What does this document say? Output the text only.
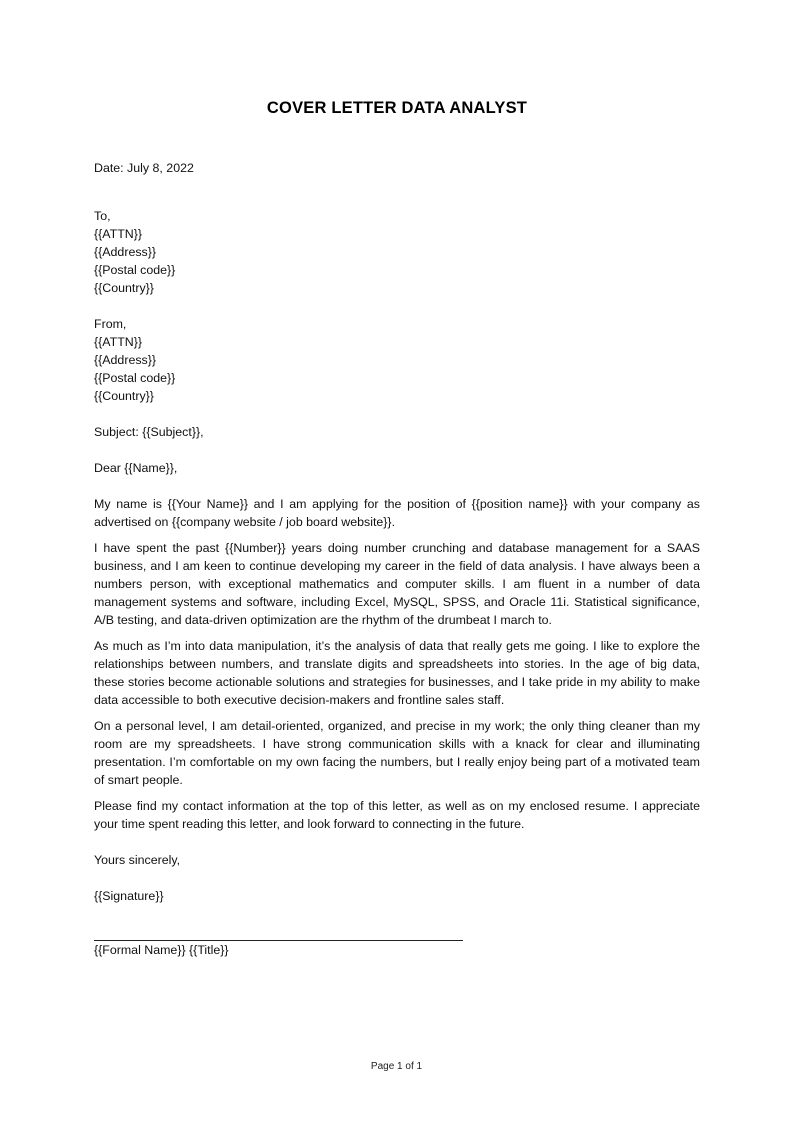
COVER LETTER DATA ANALYST
Date: July 8, 2022
To,
{{ATTN}}
{{Address}}
{{Postal code}}
{{Country}}
From,
{{ATTN}}
{{Address}}
{{Postal code}}
{{Country}}
Subject: {{Subject}},
Dear {{Name}},

My name is {{Your Name}} and I am applying for the position of {{position name}} with your company as advertised on {{company website / job board website}}.

I have spent the past {{Number}} years doing number crunching and database management for a SAAS business, and I am keen to continue developing my career in the field of data analysis. I have always been a numbers person, with exceptional mathematics and computer skills. I am fluent in a number of data management systems and software, including Excel, MySQL, SPSS, and Oracle 11i. Statistical significance, A/B testing, and data-driven optimization are the rhythm of the drumbeat I march to.

As much as I’m into data manipulation, it’s the analysis of data that really gets me going. I like to explore the relationships between numbers, and translate digits and spreadsheets into stories. In the age of big data, these stories become actionable solutions and strategies for businesses, and I take pride in my ability to make data accessible to both executive decision-makers and frontline sales staff.

On a personal level, I am detail-oriented, organized, and precise in my work; the only thing cleaner than my room are my spreadsheets. I have strong communication skills with a knack for clear and illuminating presentation. I’m comfortable on my own facing the numbers, but I really enjoy being part of a motivated team of smart people.

Please find my contact information at the top of this letter, as well as on my enclosed resume. I appreciate your time spent reading this letter, and look forward to connecting in the future.

Yours sincerely,
{{Signature}}
{{Formal Name}} {{Title}}
Page 1 of 1
